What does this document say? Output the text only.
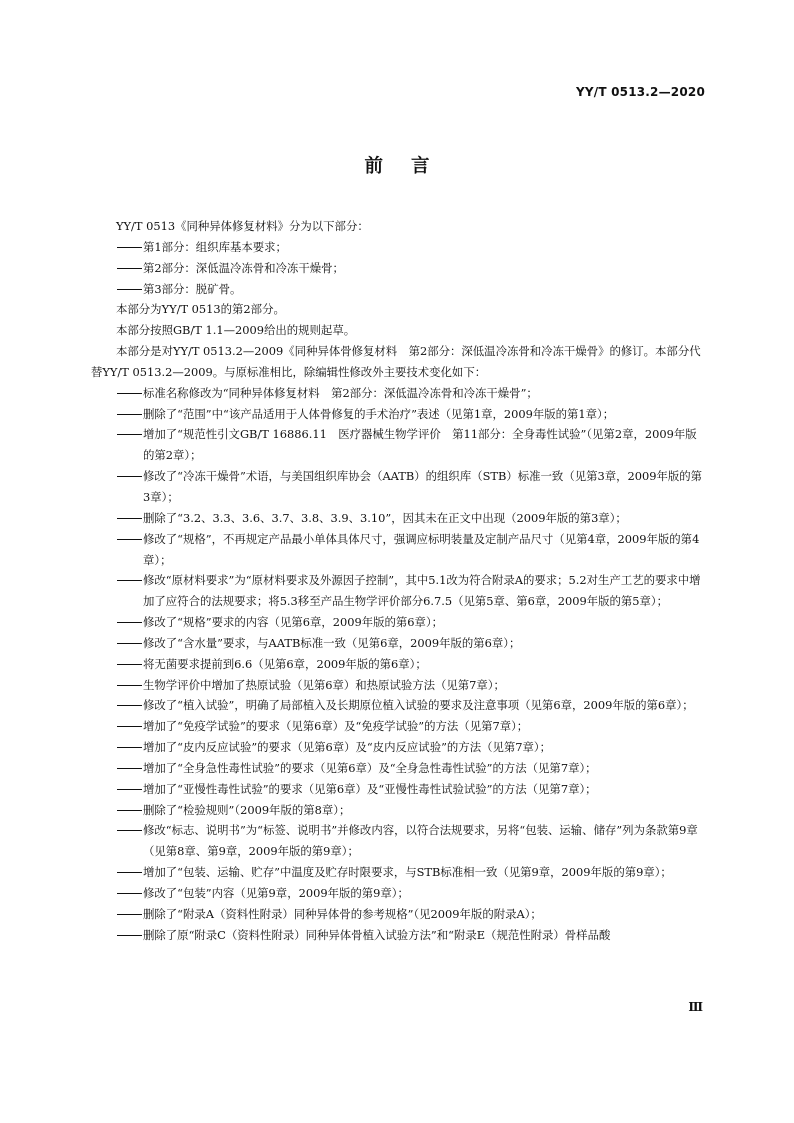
YY/T 0513.2—2020
前言

YY/T 0513《同种异体修复材料》分为以下部分：

第1部分：组织库基本要求；

第2部分：深低温冷冻骨和冷冻干燥骨；

第3部分：脱矿骨。

本部分为YY/T 0513的第2部分。

本部分按照GB/T 1.1—2009给出的规则起草。

本部分是对YY/T 0513.2—2009《同种异体骨修复材料　第2部分：深低温冷冻骨和冷冻干燥骨》的修订。本部分代替YY/T 0513.2—2009。与原标准相比，除编辑性修改外主要技术变化如下：

标准名称修改为“同种异体修复材料　第2部分：深低温冷冻骨和冷冻干燥骨”；

删除了“范围”中“该产品适用于人体骨修复的手术治疗”表述（见第1章，2009年版的第1章）；

增加了“规范性引文GB/T 16886.11　医疗器械生物学评价　第11部分：全身毒性试验”（见第2章，2009年版的第2章）；

修改了“冷冻干燥骨”术语，与美国组织库协会（AATB）的组织库（STB）标准一致（见第3章，2009年版的第3章）；

删除了“3.2、3.3、3.6、3.7、3.8、3.9、3.10”，因其未在正文中出现（2009年版的第3章）；

修改了“规格”，不再规定产品最小单体具体尺寸，强调应标明装量及定制产品尺寸（见第4章，2009年版的第4章）；

修改“原材料要求”为“原材料要求及外源因子控制”，其中5.1改为符合附录A的要求；5.2对生产工艺的要求中增加了应符合的法规要求；将5.3移至产品生物学评价部分6.7.5（见第5章、第6章，2009年版的第5章）；

修改了“规格”要求的内容（见第6章，2009年版的第6章）；

修改了“含水量”要求，与AATB标准一致（见第6章，2009年版的第6章）；

将无菌要求提前到6.6（见第6章，2009年版的第6章）；

生物学评价中增加了热原试验（见第6章）和热原试验方法（见第7章）；

修改了“植入试验”，明确了局部植入及长期原位植入试验的要求及注意事项（见第6章，2009年版的第6章）；

增加了“免疫学试验”的要求（见第6章）及“免疫学试验”的方法（见第7章）；

增加了“皮内反应试验”的要求（见第6章）及“皮内反应试验”的方法（见第7章）；

增加了“全身急性毒性试验”的要求（见第6章）及“全身急性毒性试验”的方法（见第7章）；

增加了“亚慢性毒性试验”的要求（见第6章）及“亚慢性毒性试验试验”的方法（见第7章）；

删除了“检验规则”（2009年版的第8章）；

修改“标志、说明书”为“标签、说明书”并修改内容，以符合法规要求，另将“包装、运输、储存”列为条款第9章（见第8章、第9章，2009年版的第9章）；

增加了“包装、运输、贮存”中温度及贮存时限要求，与STB标准相一致（见第9章，2009年版的第9章）；

修改了“包装”内容（见第9章，2009年版的第9章）；

删除了“附录A（资料性附录）同种异体骨的参考规格”（见2009年版的附录A）；

删除了原“附录C（资料性附录）同种异体骨植入试验方法”和“附录E（规范性附录）骨样品酸

Ⅲ
